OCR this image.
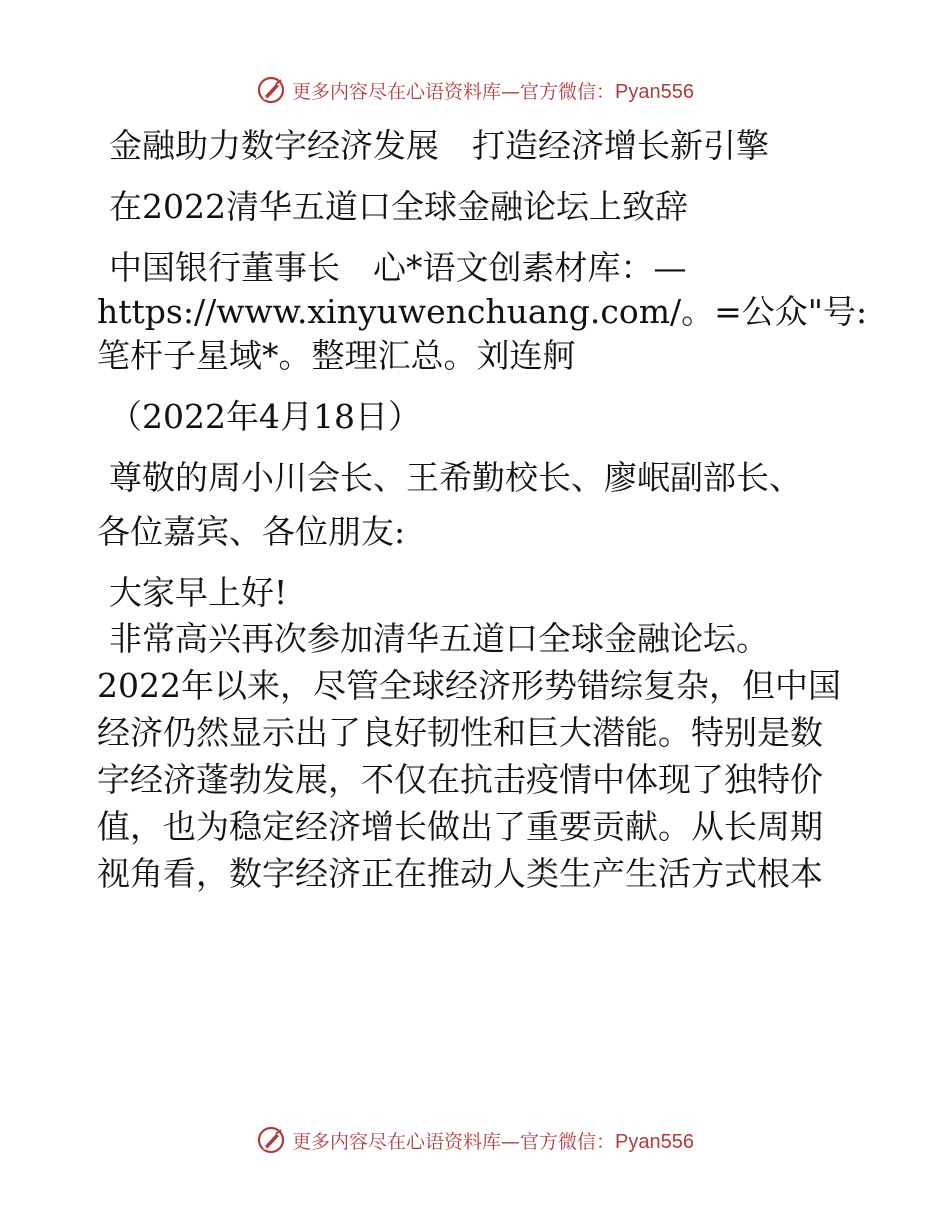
更多内容尽在心语资料库—官方微信：Pyan556

金融助力数字经济发展　打造经济增长新引擎

在2022清华五道口全球金融论坛上致辞

中国银行董事长　心*语文创素材库：—

https://www.xinyuwenchuang.com/。=公众"号:

笔杆子星域*。整理汇总。刘连舸

（2022年4月18日）

尊敬的周小川会长、王希勤校长、廖岷副部长、

各位嘉宾、各位朋友:

大家早上好!

非常高兴再次参加清华五道口全球金融论坛。
2022年以来，尽管全球经济形势错综复杂，但中国
经济仍然显示出了良好韧性和巨大潜能。特别是数
字经济蓬勃发展，不仅在抗击疫情中体现了独特价
值，也为稳定经济增长做出了重要贡献。从长周期
视角看，数字经济正在推动人类生产生活方式根本
更多内容尽在心语资料库—官方微信：Pyan556
